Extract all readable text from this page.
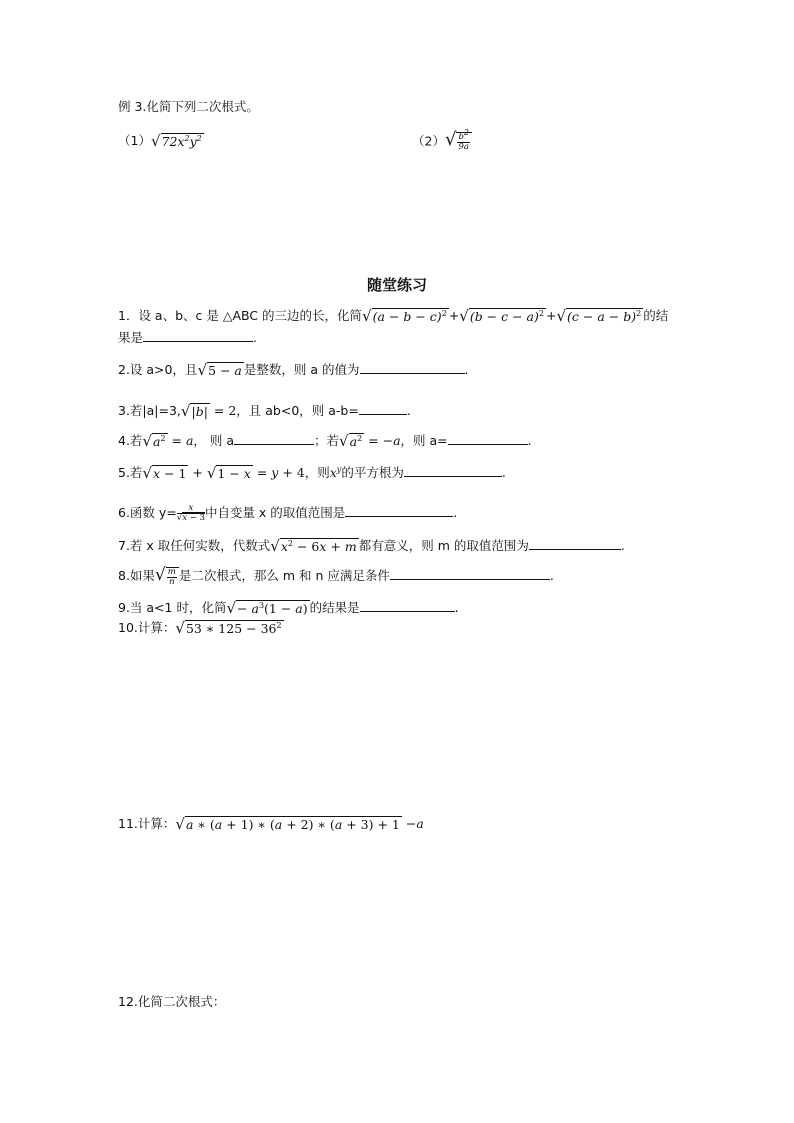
例 3.化简下列二次根式。
（1） √ $72x^2y^2$	（2） √ $\frac{b^2}{9a}$
随堂练习
1．设 a、b、c 是 △ABC 的三边的长，化简 √ $(a - b - c)^2$ + √ $(b - c - a)^2$ + √ $(c - a - b)^2$ 的结
果是	.
2.设 a>0，且 √ 5 − a 是整数，则 a 的值为	.
3.若|a|=3, √ |b| = 2，且 ab<0，则 a-b=	.
4.若 √ $a^2 = a$， 则 a	；若 √ $a^2 = -a$，则 a=	.
5.若 √ x − 1 + √ 1 − x = y + 4，则$x^y$的平方根为	.
6.函数 $y= \frac{x}{√x - 3}$ 中自变量 x 的取值范围是	.
7.若 x 取任何实数，代数式 √ $x^2 - 6x + m$ 都有意义，则 m 的取值范围为	.
8.如果 √ $\frac{m}{n}$ 是二次根式，那么 m 和 n 应满足条件	.
9.当 a<1 时，化简 √ − $a^3(1 - a)$ 的结果是	.
10.计算： √ 53 ∗ $125 - 36^2$
11.计算： √ a ∗ (a + 1) ∗ (a + 2) ∗ (a + 3) + 1 −a
12.化简二次根式：
